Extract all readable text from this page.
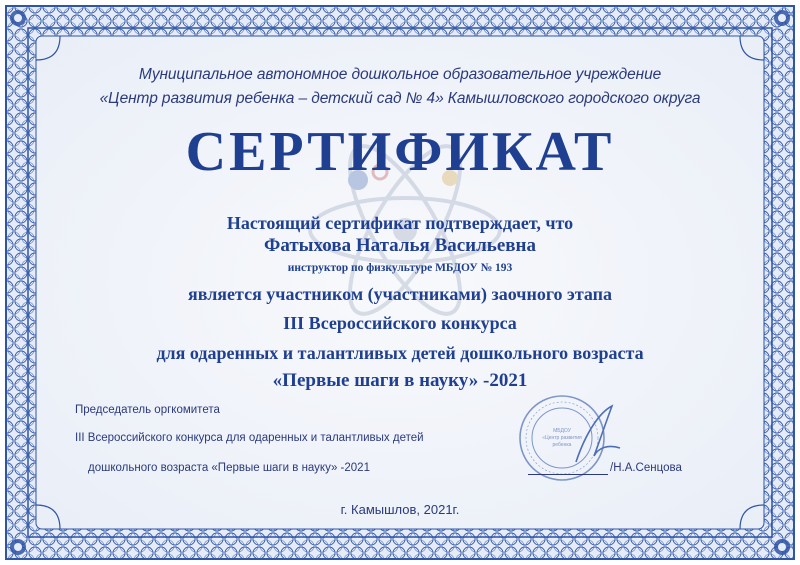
Муниципальное автономное дошкольное образовательное учреждение
«Центр развития ребенка – детский сад № 4» Камышловского городского округа
СЕРТИФИКАТ
Настоящий сертификат подтверждает, что
Фатыхова Наталья Васильевна
инструктор по физкультуре МБДОУ № 193
является участником (участниками) заочного этапа
III Всероссийского конкурса
для одаренных и талантливых детей дошкольного возраста
«Первые шаги в науку» -2021
МБДОУ
«Центр развития
ребенка
Председатель оргкомитета
III Всероссийского конкурса для одаренных и талантливых детей
дошкольного возраста «Первые шаги в науку» -2021	/Н.А.Сенцова
г. Камышлов, 2021г.
